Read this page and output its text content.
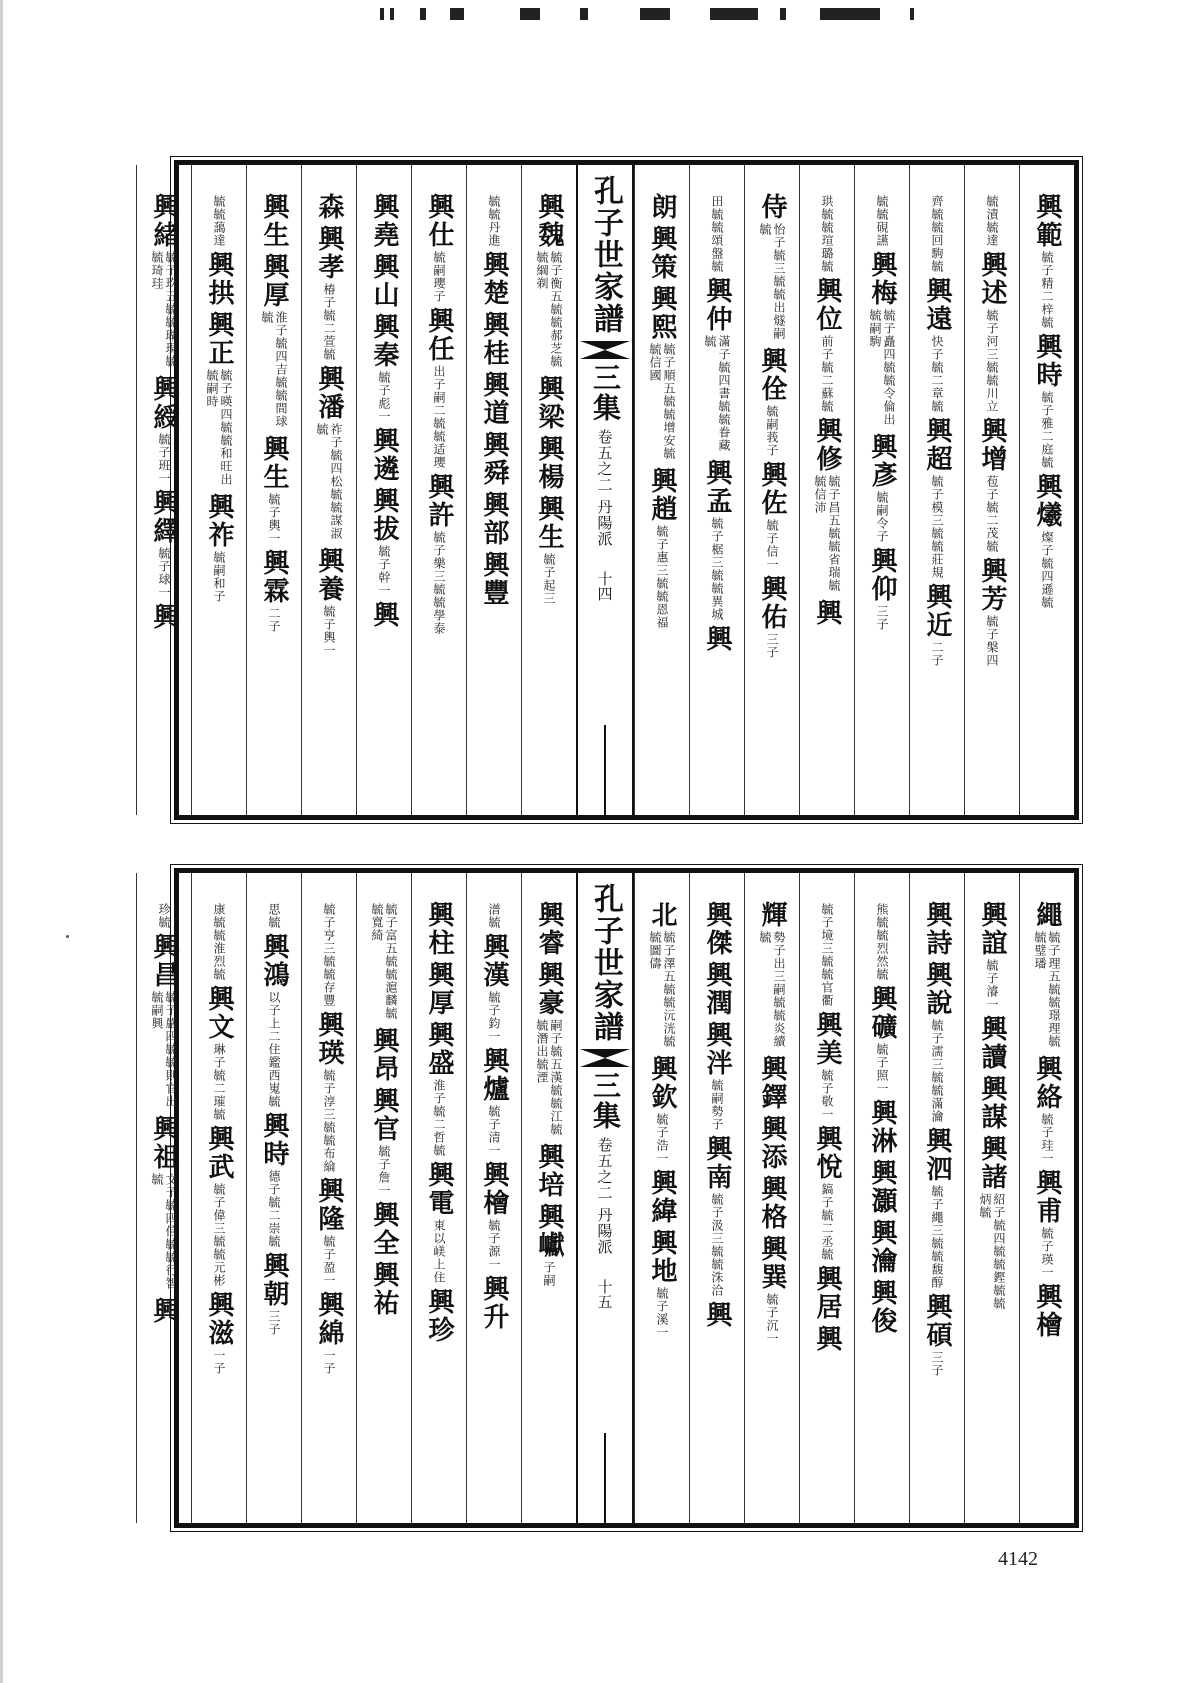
興範
毓子精二梓毓
興時
毓子雅二庭毓
興爔
燦子毓四遜毓
毓漬毓達
興述
毓子河三毓毓川立
興增
苞子毓二茂毓
興芳
毓子槃四
齊毓毓回駒毓
興遠
快子毓二章毓
興超
毓子模三毓毓莊規
興近
二子
毓毓硯讌
興梅
毓子矗四毓毓令倫出毓嗣駒
興彥
毓嗣令子
興仰
三子
珙毓毓瑄璐毓
興位
前子毓二蘇毓
興修
毓子昌五毓毓省瑞毓毓信沛
興
侍
怡子毓三毓毓出燧嗣毓
興佺
毓嗣莪子
興佐
毓子信一
興佑
三子
田毓毓頌盤毓
興仲
滿子毓四書毓毓眷藏毓
興孟
毓子椐三毓毓異城
興
朗
興策
興熙
毓子順五毓毓增安毓毓信國
興趙
毓子惠三毓毓恩福
孔子世家譜
三集
卷五之二
丹陽派
十四
興魏
毓子衡五毓毓郝芝毓毓綱剃
興梁
興楊
興生
毓子起三
毓毓丹進
興楚
興桂
興道
興舜
興部
興豐
興仕
毓嗣瓔子
興任
出子嗣二毓毓适瓔
興許
毓子樂三毓毓學泰
興堯
興山
興秦
毓子彪一
興遴
興拔
毓子幹一
興
森
興孝
椿子毓二萱毓
興潘
祚子毓四松毓毓謀淑毓
興養
毓子輿一
興生
興厚
淮子毓四吉毓毓間球毓
興生
毓子輿一
興霖
二子
毓毓藹達
興拱
興正
毓子暎四毓毓和旺出毓嗣時
興祚
毓嗣和子
興緒
毓子玖五毓毓瑚現毓毓琦珪
興綬
毓子班一
興繹
毓子球一
興
繩
毓子理五毓毓璟理毓毓璧璠
興絡
毓子珪一
興甫
毓子瑛一
興檜
興誼
毓子濬一
興讀
興謀
興諸
紹子毓四毓毓鏗毓毓炳毓
興詩
興說
毓子濡三毓毓滿瀹
興泗
毓子繩三毓毓馥醇
興碩
三子
熊毓毓烈然毓
興礦
毓子照一
興淋
興灝
興瀹
興俊
毓子境三毓毓官衢
興美
毓子敬一
興悅
鎬子毓二丞毓
興居
興
輝
勢子出三嗣毓毓炎續毓
興鐸
興添
興格
興巽
毓子沉一
興傑
興潤
興泮
毓嗣勢子
興南
毓子汲三毓毓洙洽
興
北
毓子澤五毓毓沅洸毓毓圖儔
興欽
毓子浩一
興緯
興地
毓子溪一
孔子世家譜
三集
卷五之二
丹陽派
十五
興睿
興豪
嗣子毓五漢毓毓江毓毓潛出毓湮
興培
興巘
子嗣
潽毓
興漢
毓子鈞一
興爐
毓子清一
興檜
毓子源一
興升
興柱
興厚
興盛
淮子毓二哲毓
興電
東以嵄上住
興珍
毓子富五毓毓滬麟毓毓寬綺
興昂
興官
毓子詹一
興全
興祐
毓子亨三毓毓存豐
興瑛
毓子淳三毓毓布綸
興隆
毓子盈一
興綿
一子
思毓
興鴻
以子上二住鑑西嵬毓
興時
德子毓二崇毓
興朝
三子
康毓毓淮烈毓
興文
琳子毓二璀毓
興武
毓子偉三毓毓元彬
興滋
一子
珍毓
興昌
毓子嚴四毓毓則官出毓嗣興
興祖
文子毓四信毓毓行智毓
興
4142
